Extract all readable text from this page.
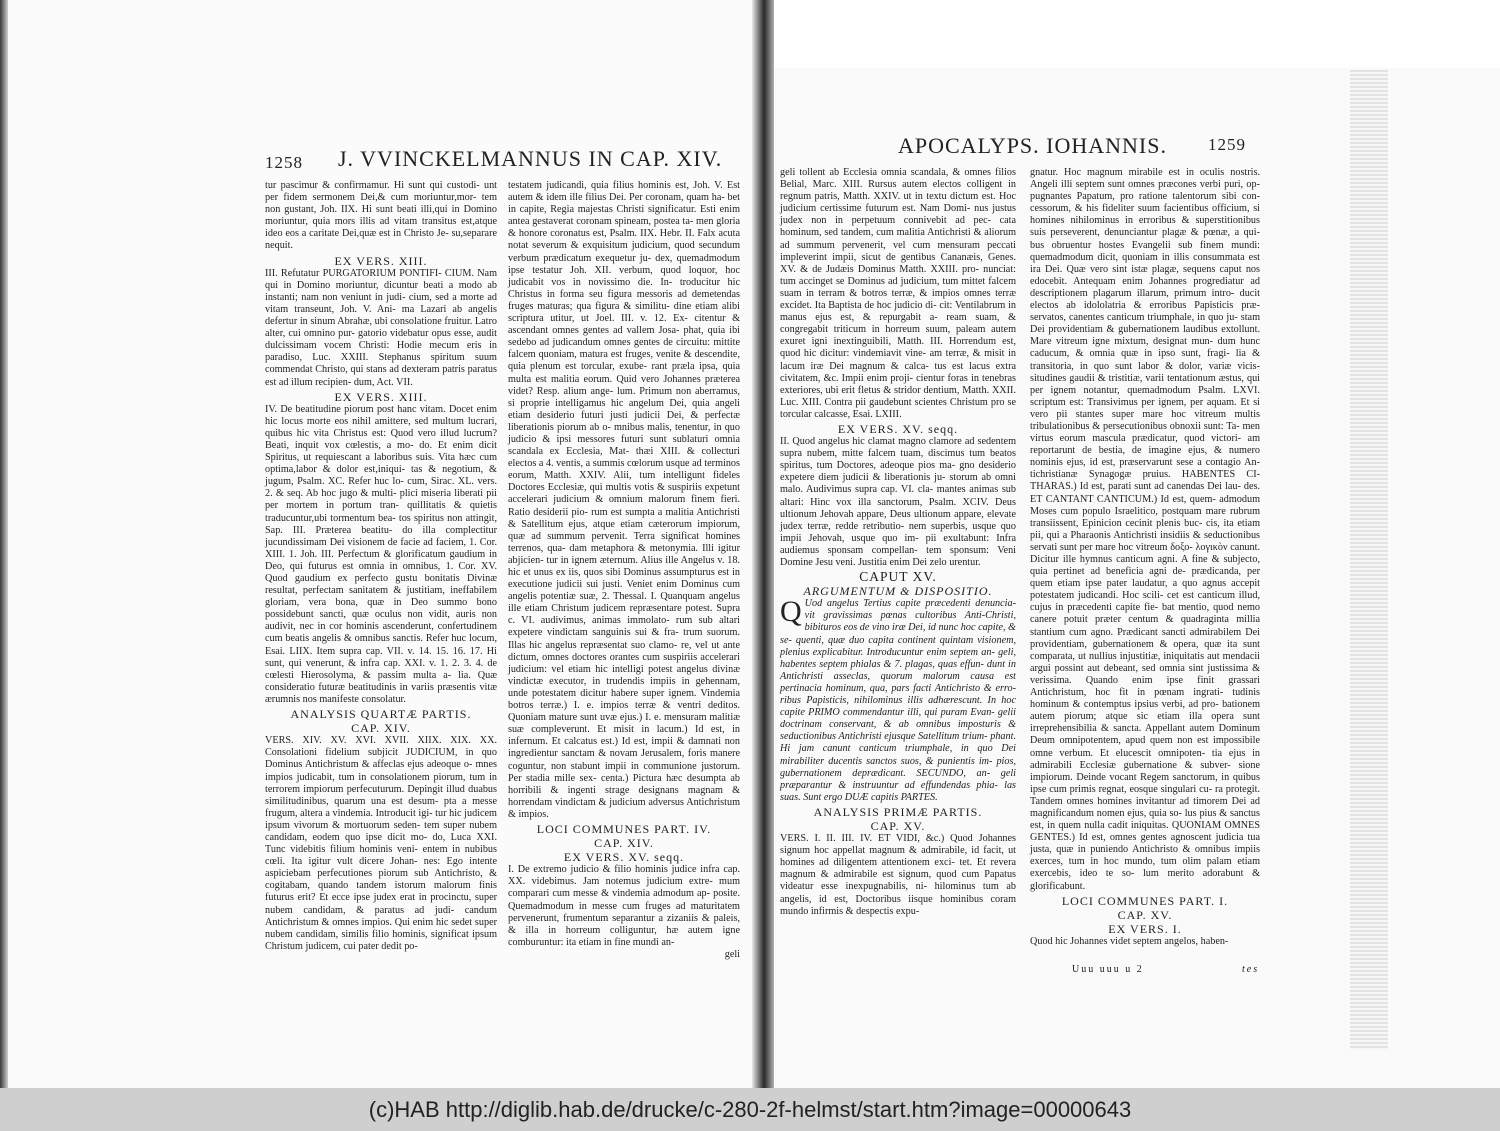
1258 J. VVINCKELMANNUS IN CAP. XIV.
APOCALYPS. IOHANNIS. 1259
tur pascimur & confirmamur. Hi sunt qui custodi- unt per fidem sermonem Dei,& cum moriuntur,mor- tem non gustant, Joh. IIX. Hi sunt beati illi,qui in Domino moriuntur, quia mors illis ad vitam transitus est,atque ideo eos a caritate Dei,quæ est in Christo Je- su,separare nequit.
EX VERS. XIII.
III. Refutatur PURGATORIUM PONTIFI- CIUM. Nam qui in Domino moriuntur, dicuntur beati a modo ab instanti; nam non veniunt in judi- cium, sed a morte ad vitam transeunt, Joh. V. Ani- ma Lazari ab angelis defertur in sinum Abrahæ, ubi consolatione fruitur. Latro alter, cui omnino pur- gatorio videbatur opus esse, audit dulcissimam vocem Christi: Hodie mecum eris in paradiso, Luc. XXIII. Stephanus spiritum suum commendat Christo, qui stans ad dexteram patris paratus est ad illum recipien- dum, Act. VII.
EX VERS. XIII.
IV. De beatitudine piorum post hanc vitam. Docet enim hic locus morte eos nihil amittere, sed multum lucrari, quibus hic vita Christus est: Quod vero illud lucrum? Beati, inquit vox cœlestis, a mo- do. Et enim dicit Spiritus, ut requiescant a laboribus suis. Vita hæc cum optima,labor & dolor est,iniqui- tas & negotium, & jugum, Psalm. XC. Refer huc lo- cum, Sirac. XL. vers. 2. & seq. Ab hoc jugo & multi- plici miseria liberati pii per mortem in portum tran- quillitatis & quietis traducuntur,ubi tormentum bea- tos spiritus non attingit, Sap. III. Præterea beatitu- do illa complectitur jucundissimam Dei visionem de facie ad faciem, 1. Cor. XIII. 1. Joh. III. Perfectum & glorificatum gaudium in Deo, qui futurus est omnia in omnibus, 1. Cor. XV. Quod gaudium ex perfecto gustu bonitatis Divinæ resultat, perfectam sanitatem & justitiam, ineffabilem gloriam, vera bona, quæ in Deo summo bono possidebunt sancti, quæ oculus non vidit, auris non audivit, nec in cor hominis ascenderunt, confertudinem cum beatis angelis & omnibus sanctis. Refer huc locum, Esai. LIIX. Item supra cap. VII. v. 14. 15. 16. 17. Hi sunt, qui venerunt, & infra cap. XXI. v. 1. 2. 3. 4. de cœlesti Hierosolyma, & passim multa a- lia. Quæ consideratio futuræ beatitudinis in variis præsentis vitæ ærumnis nos manifeste consolatur.
ANALYSIS QUARTÆ PARTIS.
CAP. XIV.
VERS. XIV. XV. XVI. XVII. XIIX. XIX. XX. Consolationi fidelium subjicit JUDICIUM, in quo Dominus Antichristum & affeclas ejus adeoque o- mnes impios judicabit, tum in consolationem piorum, tum in terrorem impiorum perfecuturum. Depingit illud duabus similitudinibus, quarum una est desum- pta a messe frugum, altera a vindemia. Introducit igi- tur hic judicem ipsum vivorum & mortuorum seden- tem super nubem candidam, eodem quo ipse dicit mo- do, Luca XXI. Tunc videbitis filium hominis veni- entem in nubibus cœli. Ita igitur vult dicere Johan- nes: Ego intente aspiciebam perfecutiones piorum sub Antichristo, & cogitabam, quando tandem istorum malorum finis futurus erit? Et ecce ipse judex erat in procinctu, super nubem candidam, & paratus ad judi- candum Antichristum & omnes impios. Qui enim hic sedet super nubem candidam, similis filio hominis, significat ipsum Christum judicem, cui pater dedit po-
testatem judicandi, quia filius hominis est, Joh. V. Est autem & idem ille filius Dei. Per coronam, quam ha- bet in capite, Regia majestas Christi significatur. Esti enim antea gestaverat coronam spineam, postea ta- men gloria & honore coronatus est, Psalm. IIX. Hebr. II. Falx acuta notat severum & exquisitum judicium, quod secundum verbum prædicatum exequetur ju- dex, quemadmodum ipse testatur Joh. XII. verbum, quod loquor, hoc judicabit vos in novissimo die. In- troducitur hic Christus in forma seu figura messoris ad demetendas fruges maturas; qua figura & similitu- dine etiam alibi scriptura utitur, ut Joel. III. v. 12. Ex- citentur & ascendant omnes gentes ad vallem Josa- phat, quia ibi sedebo ad judicandum omnes gentes de circuitu: mittite falcem quoniam, matura est fruges, venite & descendite, quia plenum est torcular, exube- rant præla ipsa, quia multa est malitia eorum. Quid vero Johannes præterea videt? Resp. alium ange- lum. Primum non aberramus, si proprie intelligamus hic angelum Dei, quia angeli etiam desiderio futuri justi judicii Dei, & perfectæ liberationis piorum ab o- mnibus malis, tenentur, in quo judicio & ipsi messores futuri sunt sublaturi omnia scandala ex Ecclesia, Mat- thæi XIII. & collecturi electos a 4. ventis, a summis cœlorum usque ad terminos eorum, Matth. XXIV. Alii, tum intelligunt fideles Doctores Ecclesiæ, qui multis votis & suspiriis expetunt accelerari judicium & omnium malorum finem fieri. Ratio desiderii pio- rum est sumpta a malitia Antichristi & Satellitum ejus, atque etiam cæterorum impiorum, quæ ad summum pervenit. Terra significat homines terrenos, qua- dam metaphora & metonymia. Illi igitur abjicien- tur in ignem æternum. Alius ille Angelus v. 18. hic et unus ex iis, quos sibi Dominus assumpturus est in executione judicii sui justi. Veniet enim Dominus cum angelis potentiæ suæ, 2. Thessal. I. Quanquam angelus ille etiam Christum judicem repræsentare potest. Supra c. VI. audivimus, animas immolato- rum sub altari expetere vindictam sanguinis sui & fra- trum suorum. Illas hic angelus repræsentat suo clamo- re, vel ut ante dictum, omnes doctores orantes cum suspiriis accelerari judicium: vel etiam hic intelligi potest angelus divinæ vindictæ executor, in trudendis impiis in gehennam, unde potestatem dicitur habere super ignem. Vindemia botros terræ.) I. e. impios terræ & ventri deditos. Quoniam mature sunt uvæ ejus.) I. e. mensuram malitiæ suæ compleverunt. Et misit in lacum.) Id est, in infernum. Et calcatus est.) Id est, impii & damnati non ingredientur sanctam & novam Jerusalem, foris manere coguntur, non stabunt impii in communione justorum. Per stadia mille sex- centa.) Pictura hæc desumpta ab horribili & ingenti strage designans magnam & horrendam vindictam & judicium adversus Antichristum & impios.
LOCI COMMUNES PART. IV.
CAP. XIV.
EX VERS. XV. seqq.
I. De extremo judicio & filio hominis judice infra cap. XX. videbimus. Jam notemus judicium extre- mum comparari cum messe & vindemia admodum ap- posite. Quemadmodum in messe cum fruges ad maturitatem pervenerunt, frumentum separantur a zizaniis & paleis, & illa in horreum colliguntur, hæ autem igne comburuntur: ita etiam in fine mundi an-
geli
geli tollent ab Ecclesia omnia scandala, & omnes filios Belial, Marc. XIII. Rursus autem electos colligent in regnum patris, Matth. XXIV. ut in textu dictum est. Hoc judicium certissime futurum est. Nam Domi- nus justus judex non in perpetuum connivebit ad pec- cata hominum, sed tandem, cum malitia Antichristi & aliorum ad summum pervenerit, vel cum mensuram peccati impleverint impii, sicut de gentibus Cananæis, Genes. XV. & de Judæis Dominus Matth. XXIII. pro- nunciat: tum accinget se Dominus ad judicium, tum mittet falcem suam in terram & botros terræ, & impios omnes terræ excidet. Ita Baptista de hoc judicio di- cit: Ventilabrum in manus ejus est, & repurgabit a- ream suam, & congregabit triticum in horreum suum, paleam autem exuret igni inextinguibili, Matth. III. Horrendum est, quod hic dicitur: vindemiavit vine- am terræ, & misit in lacum iræ Dei magnum & calca- tus est lacus extra civitatem, &c. Impii enim proji- cientur foras in tenebras exteriores, ubi erit fletus & stridor dentium, Matth. XXII. Luc. XIII. Contra pii gaudebunt scientes Christum pro se torcular calcasse, Esai. LXIII.
EX VERS. XV. seqq.
II. Quod angelus hic clamat magno clamore ad sedentem supra nubem, mitte falcem tuam, discimus tum beatos spiritus, tum Doctores, adeoque pios ma- gno desiderio expetere diem judicii & liberationis ju- storum ab omni malo. Audivimus supra cap. VI. cla- mantes animas sub altari: Hinc vox illa sanctorum, Psalm. XCIV. Deus ultionum Jehovah appare, Deus ultionum appare, elevate judex terræ, redde retributio- nem superbis, usque quo impii Jehovah, usque quo im- pii exultabunt: Infra audiemus sponsam compellan- tem sponsum: Veni Domine Jesu veni. Justitia enim Dei zelo urentur.
CAPUT XV.
ARGUMENTUM & DISPOSITIO.
Q Uod angelus Tertius capite præcedenti denuncia- vit gravissimas pœnas cultoribus Anti-Christi, bibituros eos de vino iræ Dei, id nunc hoc capite, & se- quenti, quæ duo capita continent quintam visionem, plenius explicabitur. Introducuntur enim septem an- geli, habentes septem phialas & 7. plagas, quas effun- dunt in Antichristi asseclas, quorum malorum causa est pertinacia hominum, qua, pars facti Antichristo & erro- ribus Papisticis, nihilominus illis adhærescunt. In hoc capite PRIMO commendantur illi, qui puram Evan- gelii doctrinam conservant, & ab omnibus imposturis & seductionibus Antichristi ejusque Satellitum trium- phant. Hi jam canunt canticum triumphale, in quo Dei mirabiliter ducentis sanctos suos, & punientis im- pios, gubernationem deprædicant. SECUNDO, an- geli præparantur & instruuntur ad effundendas phia- las suas. Sunt ergo DUÆ capitis PARTES.
ANALYSIS PRIMÆ PARTIS.
CAP. XV.
VERS. I. II. III. IV. ET VIDI, &c.) Quod Johannes signum hoc appellat magnum & admirabile, id facit, ut homines ad diligentem attentionem exci- tet. Et revera magnum & admirabile est signum, quod cum Papatus videatur esse inexpugnabilis, ni- hilominus tum ab angelis, id est, Doctoribus iisque hominibus coram mundo infirmis & despectis expu-
gnatur. Hoc magnum mirabile est in oculis nostris. Angeli illi septem sunt omnes præcones verbi puri, op- pugnantes Papatum, pro ratione talentorum sibi con- cessorum, & his fideliter suum facientibus officium, si homines nihilominus in erroribus & superstitionibus suis perseverent, denunciantur plagæ & pœnæ, a qui- bus obruentur hostes Evangelii sub finem mundi: quemadmodum dicit, quoniam in illis consummata est ira Dei. Quæ vero sint istæ plagæ, sequens caput nos edocebit. Antequam enim Johannes progrediatur ad descriptionem plagarum illarum, primum intro- ducit electos ab idololatria & erroribus Papisticis præ- servatos, canentes canticum triumphale, in quo ju- stam Dei providentiam & gubernationem laudibus extollunt. Mare vitreum igne mixtum, designat mun- dum hunc caducum, & omnia quæ in ipso sunt, fragi- lia & transitoria, in quo sunt labor & dolor, variæ vicis- situdines gaudii & tristitiæ, varii tentationum æstus, qui per ignem notantur, quemadmodum Psalm. LXVI. scriptum est: Transivimus per ignem, per aquam. Et si vero pii stantes super mare hoc vitreum multis tribulationibus & persecutionibus obnoxii sunt: Ta- men virtus eorum mascula prædicatur, quod victori- am reportarunt de bestia, de imagine ejus, & numero nominis ejus, id est, præservarunt sese a contagio An- tichristianæ Synagogæ pruius. HABENTES CI- THARAS.) Id est, parati sunt ad canendas Dei lau- des. ET CANTANT CANTICUM.) Id est, quem- admodum Moses cum populo Israelitico, postquam mare rubrum transiissent, Epinicion cecinit plenis buc- cis, ita etiam pii, qui a Pharaonis Antichristi insidiis & seductionibus servati sunt per mare hoc vitreum δοξο- λογικὸν canunt. Dicitur ille hymnus canticum agni. A fine & subjecto, quia pertinet ad beneficia agni de- prædicanda, per quem etiam ipse pater laudatur, a quo agnus accepit potestatem judicandi. Hoc scili- cet est canticum illud, cujus in præcedenti capite fie- bat mentio, quod nemo canere potuit præter centum & quadraginta millia stantium cum agno. Prædicant sancti admirabilem Dei providentiam, gubernationem & opera, quæ ita sunt comparata, ut nullius injustitiæ, iniquitatis aut mendacii argui possint aut debeant, sed omnia sint justissima & verissima. Quando enim ipse finit grassari Antichristum, hoc fit in pœnam ingrati- tudinis hominum & contemptus ipsius verbi, ad pro- bationem autem piorum; atque sic etiam illa opera sunt irreprehensibilia & sancta. Appellant autem Dominum Deum omnipotentem, apud quem non est impossibile omne verbum. Et elucescit omnipoten- tia ejus in admirabili Ecclesiæ gubernatione & subver- sione impiorum. Deinde vocant Regem sanctorum, in quibus ipse cum primis regnat, eosque singulari cu- ra protegit. Tandem omnes homines invitantur ad timorem Dei ad magnificandum nomen ejus, quia so- lus pius & sanctus est, in quem nulla cadit iniquitas. QUONIAM OMNES GENTES.) Id est, omnes gentes agnoscent judicia tua justa, quæ in puniendo Antichristo & omnibus impiis exerces, tum in hoc mundo, tum olim palam etiam exercebis, ideo te so- lum merito adorabunt & glorificabunt.
LOCI COMMUNES PART. I.
CAP. XV.
EX VERS. I.
Quod hic Johannes videt septem angelos, haben-
Uuu uuu u 2	tes
(c)HAB http://diglib.hab.de/drucke/c-280-2f-helmst/start.htm?image=00000643
